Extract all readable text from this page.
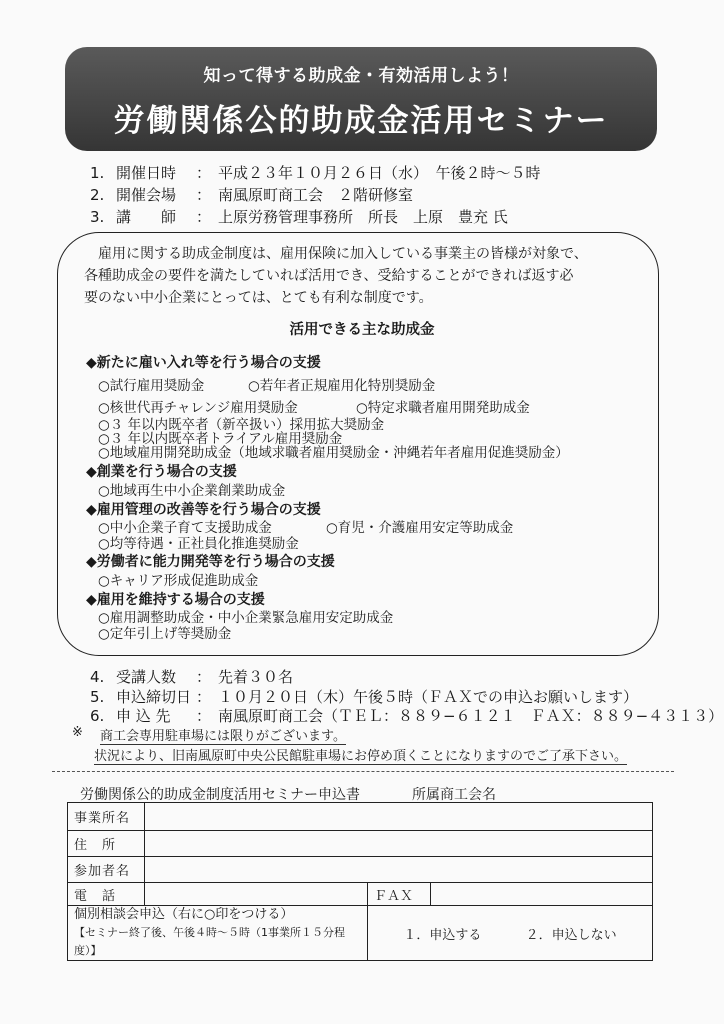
知って得する助成金・有効活用しよう！
労働関係公的助成金活用セミナー
1. 開催日時 ： 平成２３年１０月２６日（水）　午後２時～５時
2. 開催会場 ： 南風原町商工会　２階研修室
3. 講　　師 ： 上原労務管理事務所　所長　上原　豊充 氏
雇用に関する助成金制度は、雇用保険に加入している事業主の皆様が対象で、
各種助成金の要件を満たしていれば活用でき、受給することができれば返す必
要のない中小企業にとっては、とても有利な制度です。
活用できる主な助成金
◆新たに雇い入れ等を行う場合の支援
○試行雇用奨励金	○若年者正規雇用化特別奨励金
○核世代再チャレンジ雇用奨励金	○特定求職者雇用開発助成金
○３ 年以内既卒者（新卒扱い）採用拡大奨励金
○３ 年以内既卒者トライアル雇用奨励金
○地域雇用開発助成金（地域求職者雇用奨励金・沖縄若年者雇用促進奨励金）
◆創業を行う場合の支援
○地域再生中小企業創業助成金
◆雇用管理の改善等を行う場合の支援
○中小企業子育て支援助成金	○育児・介護雇用安定等助成金
○均等待遇・正社員化推進奨励金
◆労働者に能力開発等を行う場合の支援
○キャリア形成促進助成金
◆雇用を維持する場合の支援
○雇用調整助成金・中小企業緊急雇用安定助成金
○定年引上げ等奨励金
4. 受講人数 ： 先着３０名
5. 申込締切日 ： １０月２０日（木）午後５時（ＦＡＸでの申込お願いします）
6. 申 込 先 ： 南風原町商工会（ＴＥＬ：８８９−６１２１　ＦＡＸ：８８９−４３１３）
※ 商工会専用駐車場には限りがございます。
状況により、旧南風原町中央公民館駐車場にお停め頂くことになりますのでご了承下さい。
労働関係公的助成金制度活用セミナー申込書	所属商工会名
事業所名			
住　所			
参加者名			
電　話		ＦＡＸ	

個別相談会申込（右に○印をつける）
【セミナー終了後、午後４時～５時（1事業所１５分程度）】		１．申込する ２．申込しない	
